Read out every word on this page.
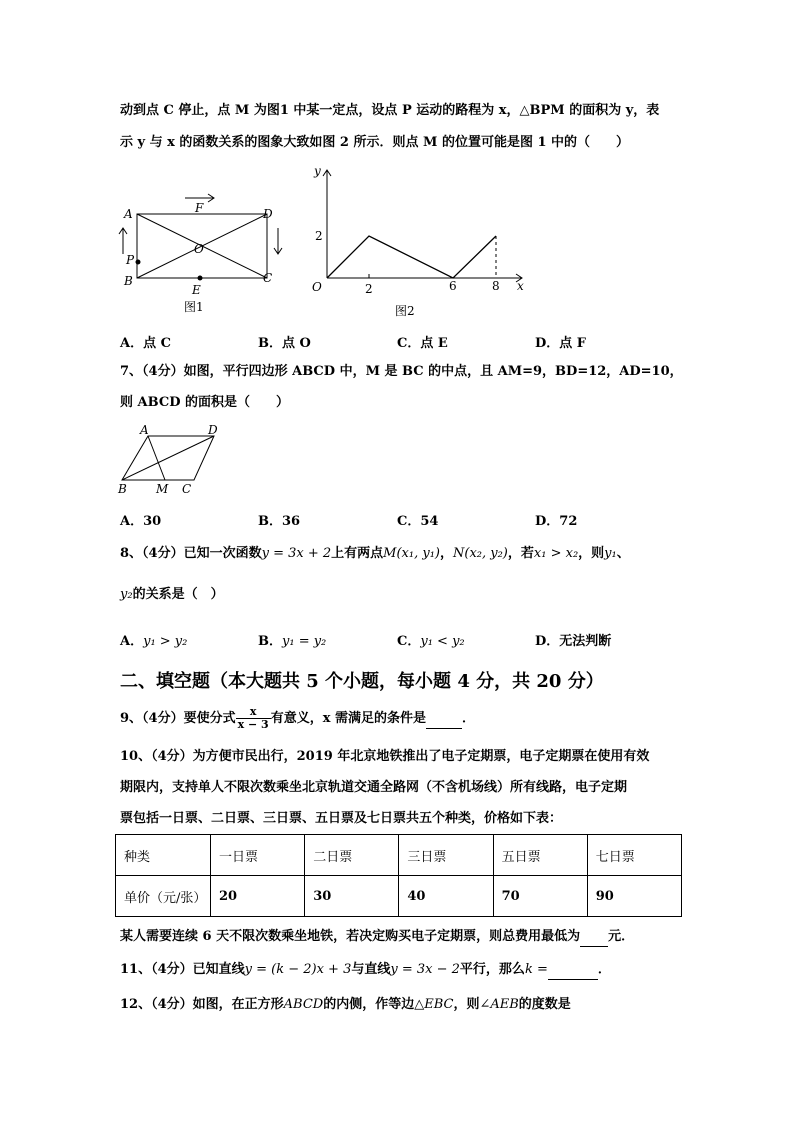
动到点 C 停止，点 M 为图1 中某一定点，设点 P 运动的路程为 x，△BPM 的面积为 y，表
示 y 与 x 的函数关系的图象大致如图 2 所示．则点 M 的位置可能是图 1 中的（　　）
A	D
B	C
F
O
E
P
图1
y
x
O
2
2	6	8
图2
A．点 C	B．点 O	C．点 E	D．点 F
7、（4分）如图，平行四边形 ABCD 中，M 是 BC 的中点，且 AM=9，BD=12，AD=10，
则 ABCD 的面积是（　　）
A	D
B M C
A．30	B．36	C．54	D．72
8、（4分）已知一次函数y = 3x + 2上有两点M(x₁, y₁)，N(x₂, y₂)，若x₁ > x₂，则y₁、
y₂的关系是（　）
A．y₁ > y₂	B．y₁ = y₂	C．y₁ < y₂	D．无法判断
二、填空题（本大题共 5 个小题，每小题 4 分，共 20 分）
9、（4分）要使分式 $\frac{x}{x - 3}$ 有意义，x 需满足的条件是	．
10、（4分）为方便市民出行，2019 年北京地铁推出了电子定期票，电子定期票在使用有效
期限内，支持单人不限次数乘坐北京轨道交通全路网（不含机场线）所有线路，电子定期
票包括一日票、二日票、三日票、五日票及七日票共五个种类，价格如下表：
种类	一日票	二日票	三日票	五日票	七日票
单价（元/张）	20	30	40	70	90
某人需要连续 6 天不限次数乘坐地铁，若决定购买电子定期票，则总费用最低为 元．
11、（4分）已知直线y = (k − 2)x + 3与直线y = 3x − 2平行，那么k =	．
12、（4分）如图，在正方形ABCD的内侧，作等边△EBC，则∠AEB的度数是
